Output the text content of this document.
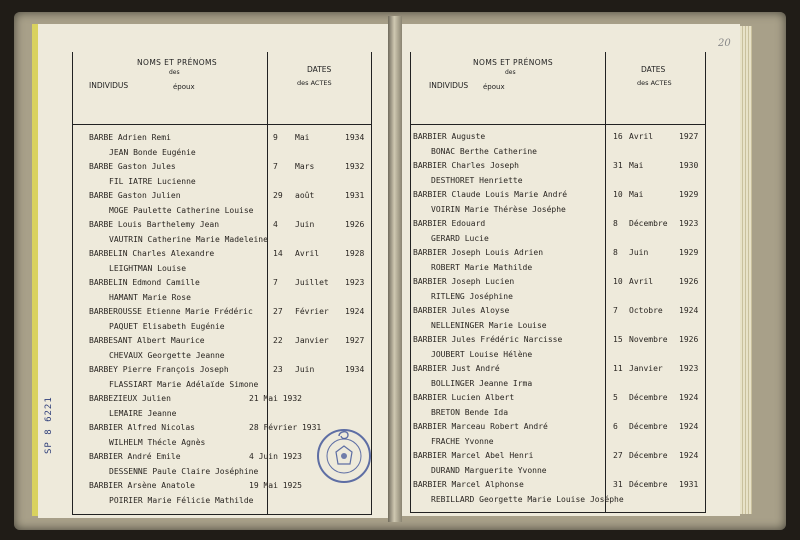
NOMS ET PRÉNOMS
des
INDIVIDUS	époux
DATES
des ACTES
BARBE Adrien Remi	9 Mai	1934
JEAN Bonde Eugénie
BARBE Gaston Jules	7 Mars	1932
FIL IATRE Lucienne
BARBE Gaston Julien	29 août	1931
MOGE Paulette Catherine Louise
BARBE Louis Barthelemy Jean	4 Juin	1926
VAUTRIN Catherine Marie Madeleine
BARBELIN Charles Alexandre	14 Avril	1928
LEIGHTMAN Louise
BARBELIN Edmond Camille	7 Juillet 1923
HAMANT Marie Rose
BARBEROUSSE Etienne Marie Frédéric	27 Février 1924
PAQUET Elisabeth Eugénie
BARBESANT Albert Maurice	22 Janvier 1927
CHEVAUX Georgette Jeanne
BARBEY Pierre François Joseph	23 Juin	1934
FLASSIART Marie Adélaïde Simone
BARBEZIEUX Julien	21 Mai 1932
LEMAIRE Jeanne
BARBIER Alfred Nicolas	28 Février 1931
WILHELM Thécle Agnès
BARBIER André Emile	4 Juin 1923
DESSENNE Paule Claire Joséphine
BARBIER Arsène Anatole	19 Mai 1925
POIRIER Marie Félicie Mathilde
SP 8 6221
20
NOMS ET PRÉNOMS
des
INDIVIDUS époux
DATES
des ACTES
BARBIER Auguste	16 Avril	1927
BONAC Berthe Catherine
BARBIER Charles Joseph	31 Mai	1930
DESTHORET Henriette
BARBIER Claude Louis Marie André	10 Mai	1929
VOIRIN Marie Thérèse Joséphe
BARBIER Edouard	8 Décembre 1923
GERARD Lucie
BARBIER Joseph Louis Adrien	8 Juin	1929
ROBERT Marie Mathilde
BARBIER Joseph Lucien	10 Avril	1926
RITLENG Joséphine
BARBIER Jules Aloyse	7 Octobre 1924
NELLENINGER Marie Louise
BARBIER Jules Frédéric Narcisse	15 Novembre 1926
JOUBERT Louise Hélène
BARBIER Just André	11 Janvier 1923
BOLLINGER Jeanne Irma
BARBIER Lucien Albert	5 Décembre 1924
BRETON Bende Ida
BARBIER Marceau Robert André	6 Décembre 1924
FRACHE Yvonne
BARBIER Marcel Abel Henri	27 Décembre 1924
DURAND Marguerite Yvonne
BARBIER Marcel Alphonse	31 Décembre 1931
REBILLARD Georgette Marie Louise Joséphe
